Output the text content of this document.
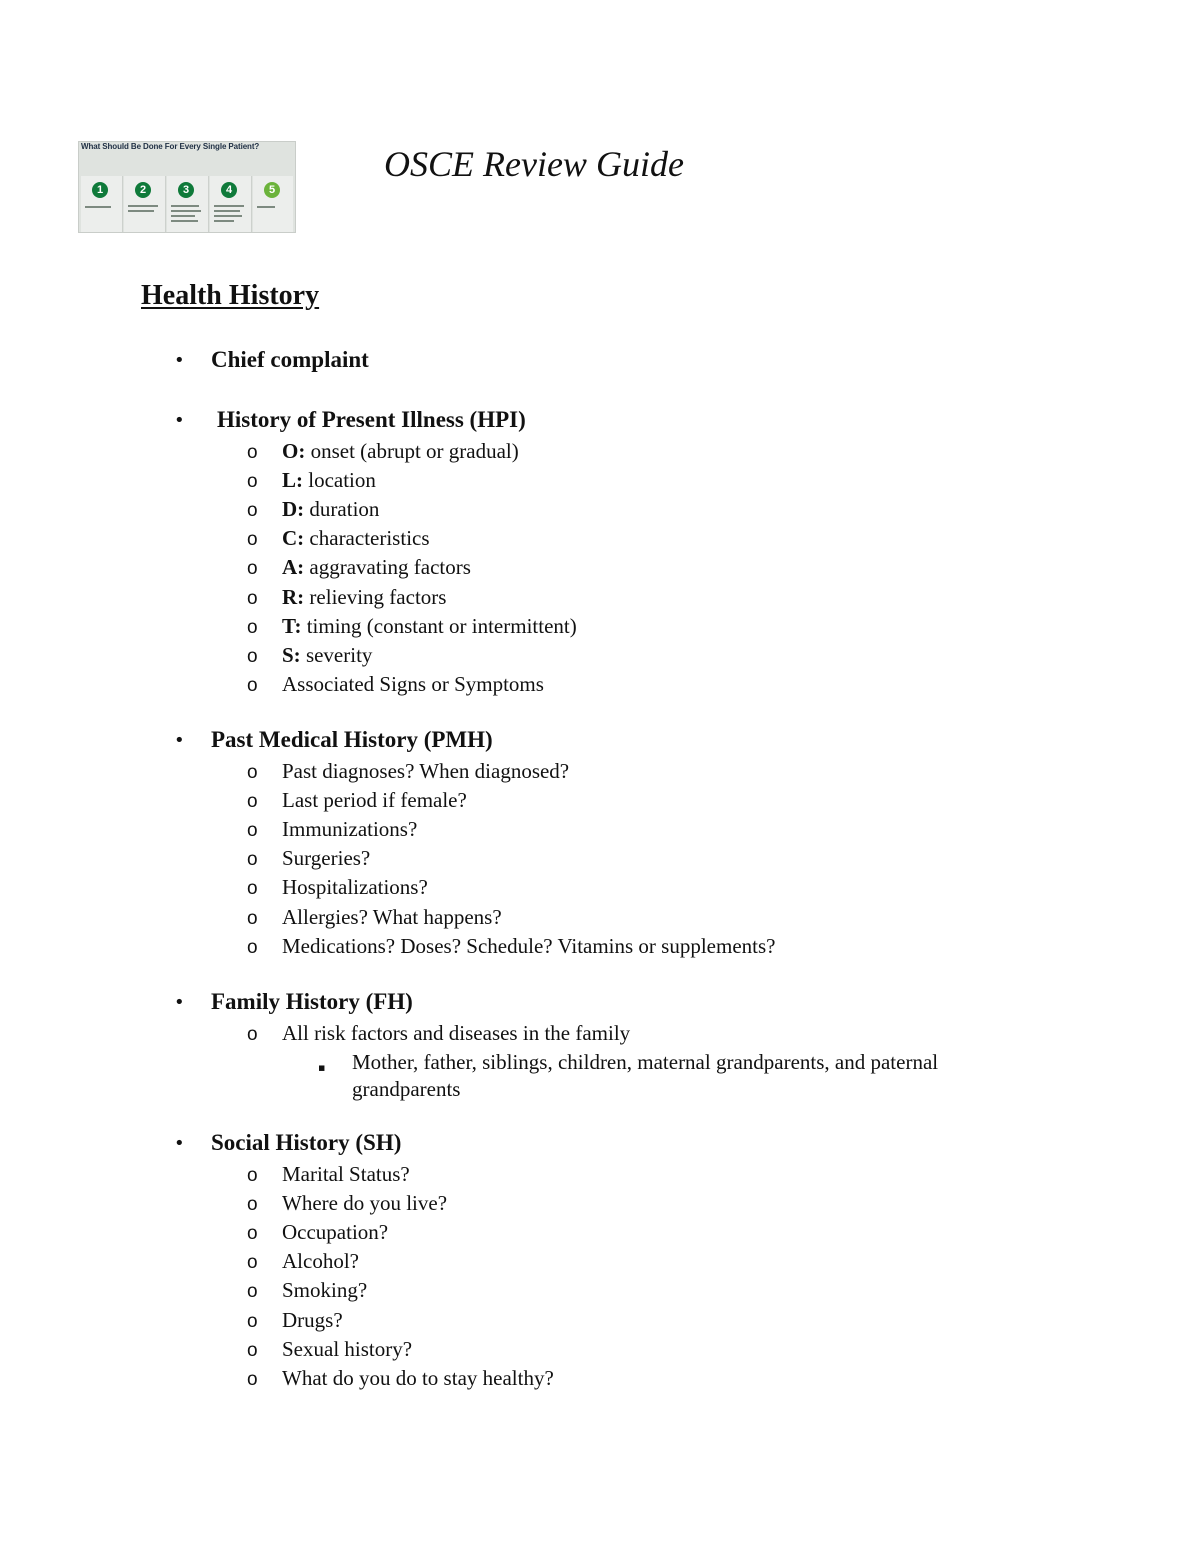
What Should Be Done For Every Single Patient?
1	2	3	4	5
OSCE Review Guide
Health History
• Chief complaint
• History of Present Illness (HPI)
o O: onset (abrupt or gradual)
o L: location
o D: duration
o C: characteristics
o A: aggravating factors
o R: relieving factors
o T: timing (constant or intermittent)
o S: severity
o Associated Signs or Symptoms
• Past Medical History (PMH)
o Past diagnoses? When diagnosed?
o Last period if female?
o Immunizations?
o Surgeries?
o Hospitalizations?
o Allergies? What happens?
o Medications? Doses? Schedule? Vitamins or supplements?
• Family History (FH)
o All risk factors and diseases in the family
▪ Mother, father, siblings, children, maternal grandparents, and paternal
grandparents
• Social History (SH)
o Marital Status?
o Where do you live?
o Occupation?
o Alcohol?
o Smoking?
o Drugs?
o Sexual history?
o What do you do to stay healthy?
